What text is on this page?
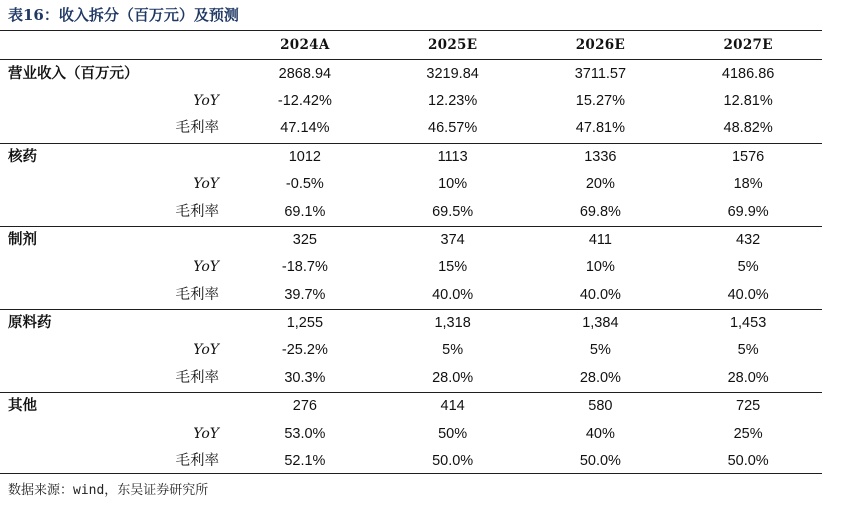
表16：收入拆分（百万元）及预测
	2024A	2025E	2026E	2027E
营业收入（百万元）	2868.94	3219.84	3711.57	4186.86
YoY	-12.42%	12.23%	15.27%	12.81%
毛利率	47.14%	46.57%	47.81%	48.82%
核药	1012	1113	1336	1576
YoY	-0.5%	10%	20%	18%
毛利率	69.1%	69.5%	69.8%	69.9%
制剂	325	374	411	432
YoY	-18.7%	15%	10%	5%
毛利率	39.7%	40.0%	40.0%	40.0%
原料药	1,255	1,318	1,384	1,453
YoY	-25.2%	5%	5%	5%
毛利率	30.3%	28.0%	28.0%	28.0%
其他	276	414	580	725
YoY	53.0%	50%	40%	25%
毛利率	52.1%	50.0%	50.0%	50.0%
数据来源：wind，东吴证券研究所
